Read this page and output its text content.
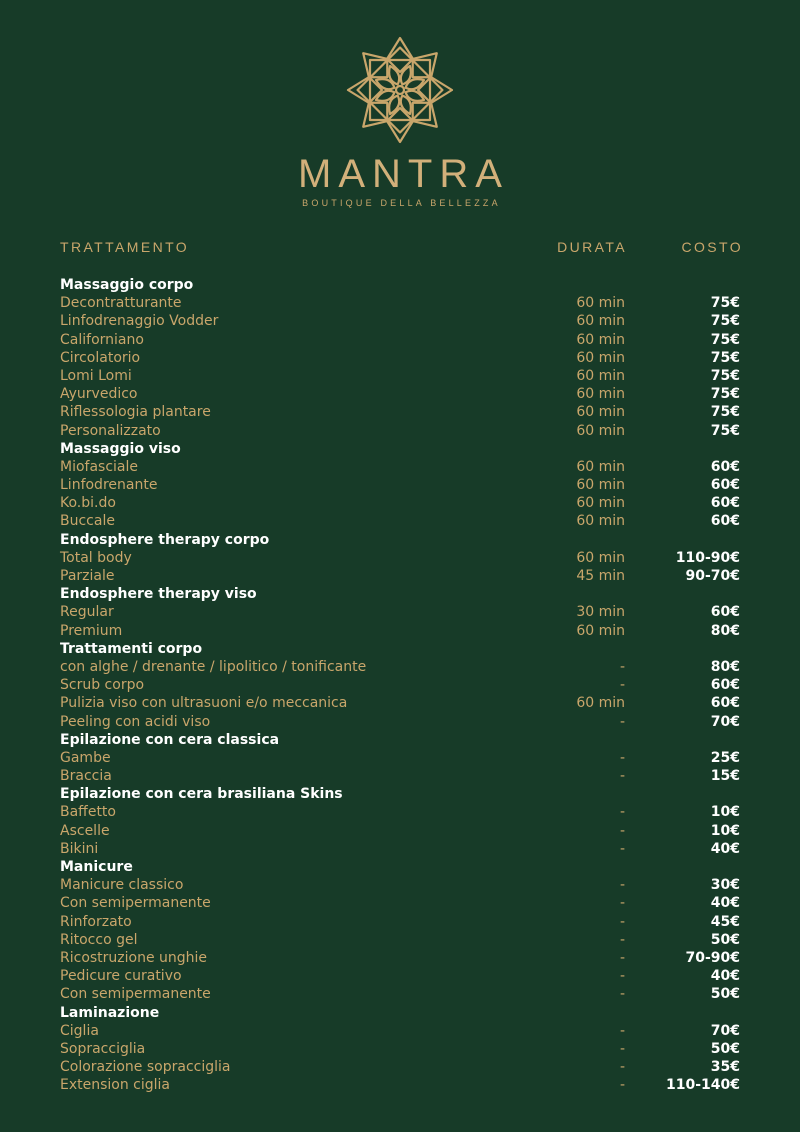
MANTRA
BOUTIQUE DELLA BELLEZZA
TRATTAMENTO	DURATA	COSTO
Massaggio corpo
Decontratturante	60 min	75€
Linfodrenaggio Vodder	60 min	75€
Californiano	60 min	75€
Circolatorio	60 min	75€
Lomi Lomi	60 min	75€
Ayurvedico	60 min	75€
Riflessologia plantare	60 min	75€
Personalizzato	60 min	75€
Massaggio viso
Miofasciale	60 min	60€
Linfodrenante	60 min	60€
Ko.bi.do	60 min	60€
Buccale	60 min	60€
Endosphere therapy corpo
Total body	60 min	110-90€
Parziale	45 min	90-70€
Endosphere therapy viso
Regular	30 min	60€
Premium	60 min	80€
Trattamenti corpo
con alghe / drenante / lipolitico / tonificante	-	80€
Scrub corpo	-	60€
Pulizia viso con ultrasuoni e/o meccanica	60 min	60€
Peeling con acidi viso	-	70€
Epilazione con cera classica
Gambe	-	25€
Braccia	-	15€
Epilazione con cera brasiliana Skins
Baffetto	-	10€
Ascelle	-	10€
Bikini	-	40€
Manicure
Manicure classico	-	30€
Con semipermanente	-	40€
Rinforzato	-	45€
Ritocco gel	-	50€
Ricostruzione unghie	-	70-90€
Pedicure curativo	-	40€
Con semipermanente	-	50€
Laminazione
Ciglia	-	70€
Sopracciglia	-	50€
Colorazione sopracciglia	-	35€
Extension ciglia	-	110-140€
